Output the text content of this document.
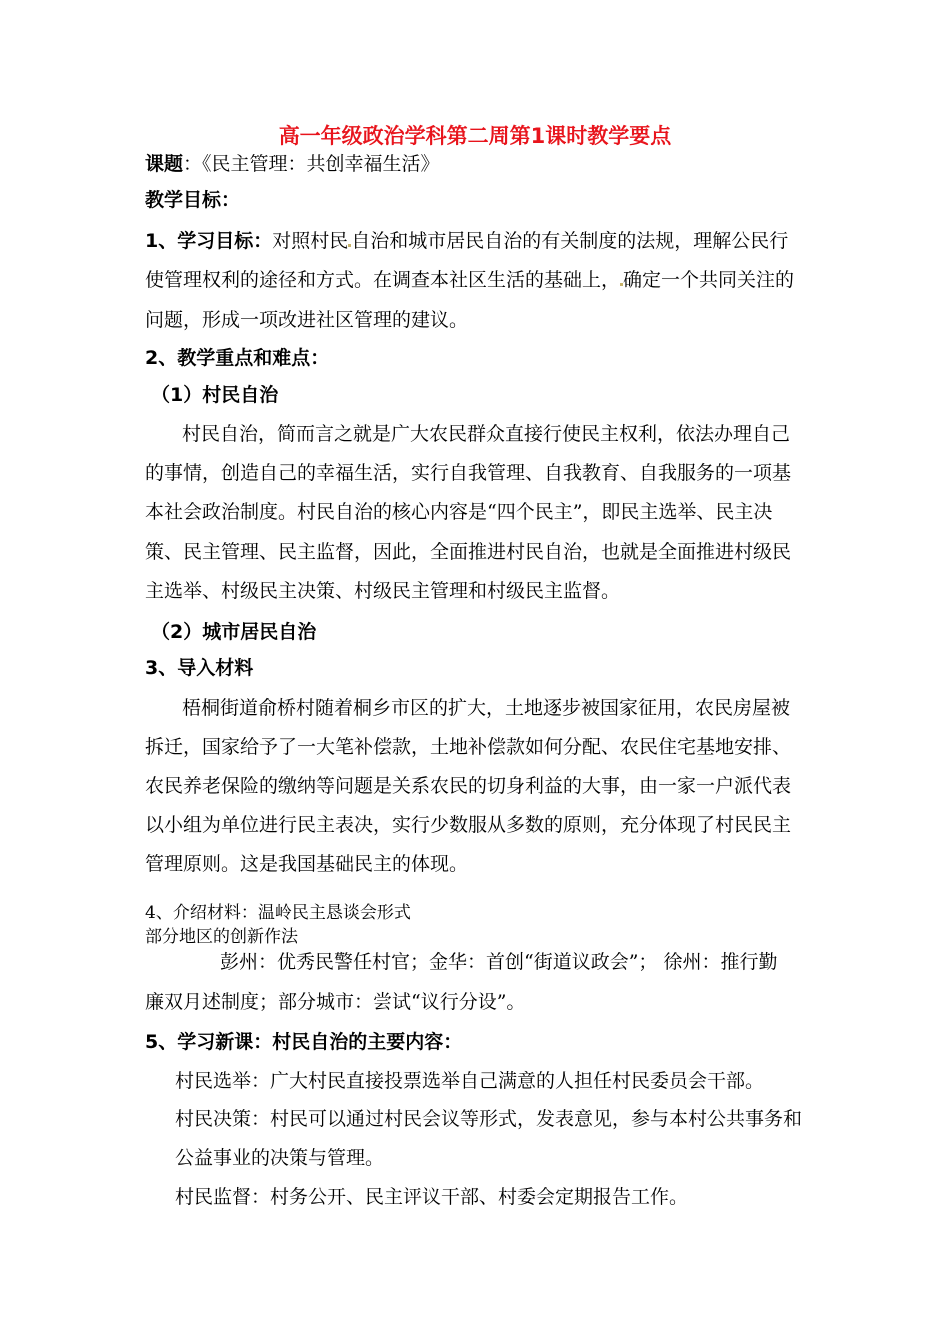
高一年级政治学科第二周第1课时教学要点
课题：《民主管理：共创幸福生活》
教学目标：
1、学习目标：对照村民 自治和城市居民自治的有关制度的法规，理解公民行
使管理权利的途径和方式。在调查本社区生活的基础上， 确定一个共同关注的
问题，形成一项改进社区管理的建议。
2、教学重点和难点：
（1）村民自治
村民自治，简而言之就是广大农民群众直接行使民主权利，依法办理自己
的事情，创造自己的幸福生活，实行自我管理、自我教育、自我服务的一项基
本社会政治制度。村民自治的核心内容是“四个民主”，即民主选举、民主决
策、民主管理、民主监督，因此，全面推进村民自治，也就是全面推进村级民
主选举、村级民主决策、村级民主管理和村级民主监督。
（2）城市居民自治
3、导入材料
梧桐街道俞桥村随着桐乡市区的扩大，土地逐步被国家征用，农民房屋被
拆迁，国家给予了一大笔补偿款，土地补偿款如何分配、农民住宅基地安排、
农民养老保险的缴纳等问题是关系农民的切身利益的大事，由一家一户派代表
以小组为单位进行民主表决，实行少数服从多数的原则，充分体现了村民民主
管理原则。这是我国基础民主的体现。
4、介绍材料：温岭民主恳谈会形式
部分地区的创新作法
彭州：优秀民警任村官；金华：首创“街道议政会”； 徐州：推行勤
廉双月述制度；部分城市：尝试“议行分设”。
5、学习新课：村民自治的主要内容：
村民选举：广大村民直接投票选举自己满意的人担任村民委员会干部。
村民决策：村民可以通过村民会议等形式，发表意见，参与本村公共事务和
公益事业的决策与管理。
村民监督：村务公开、民主评议干部、村委会定期报告工作。
